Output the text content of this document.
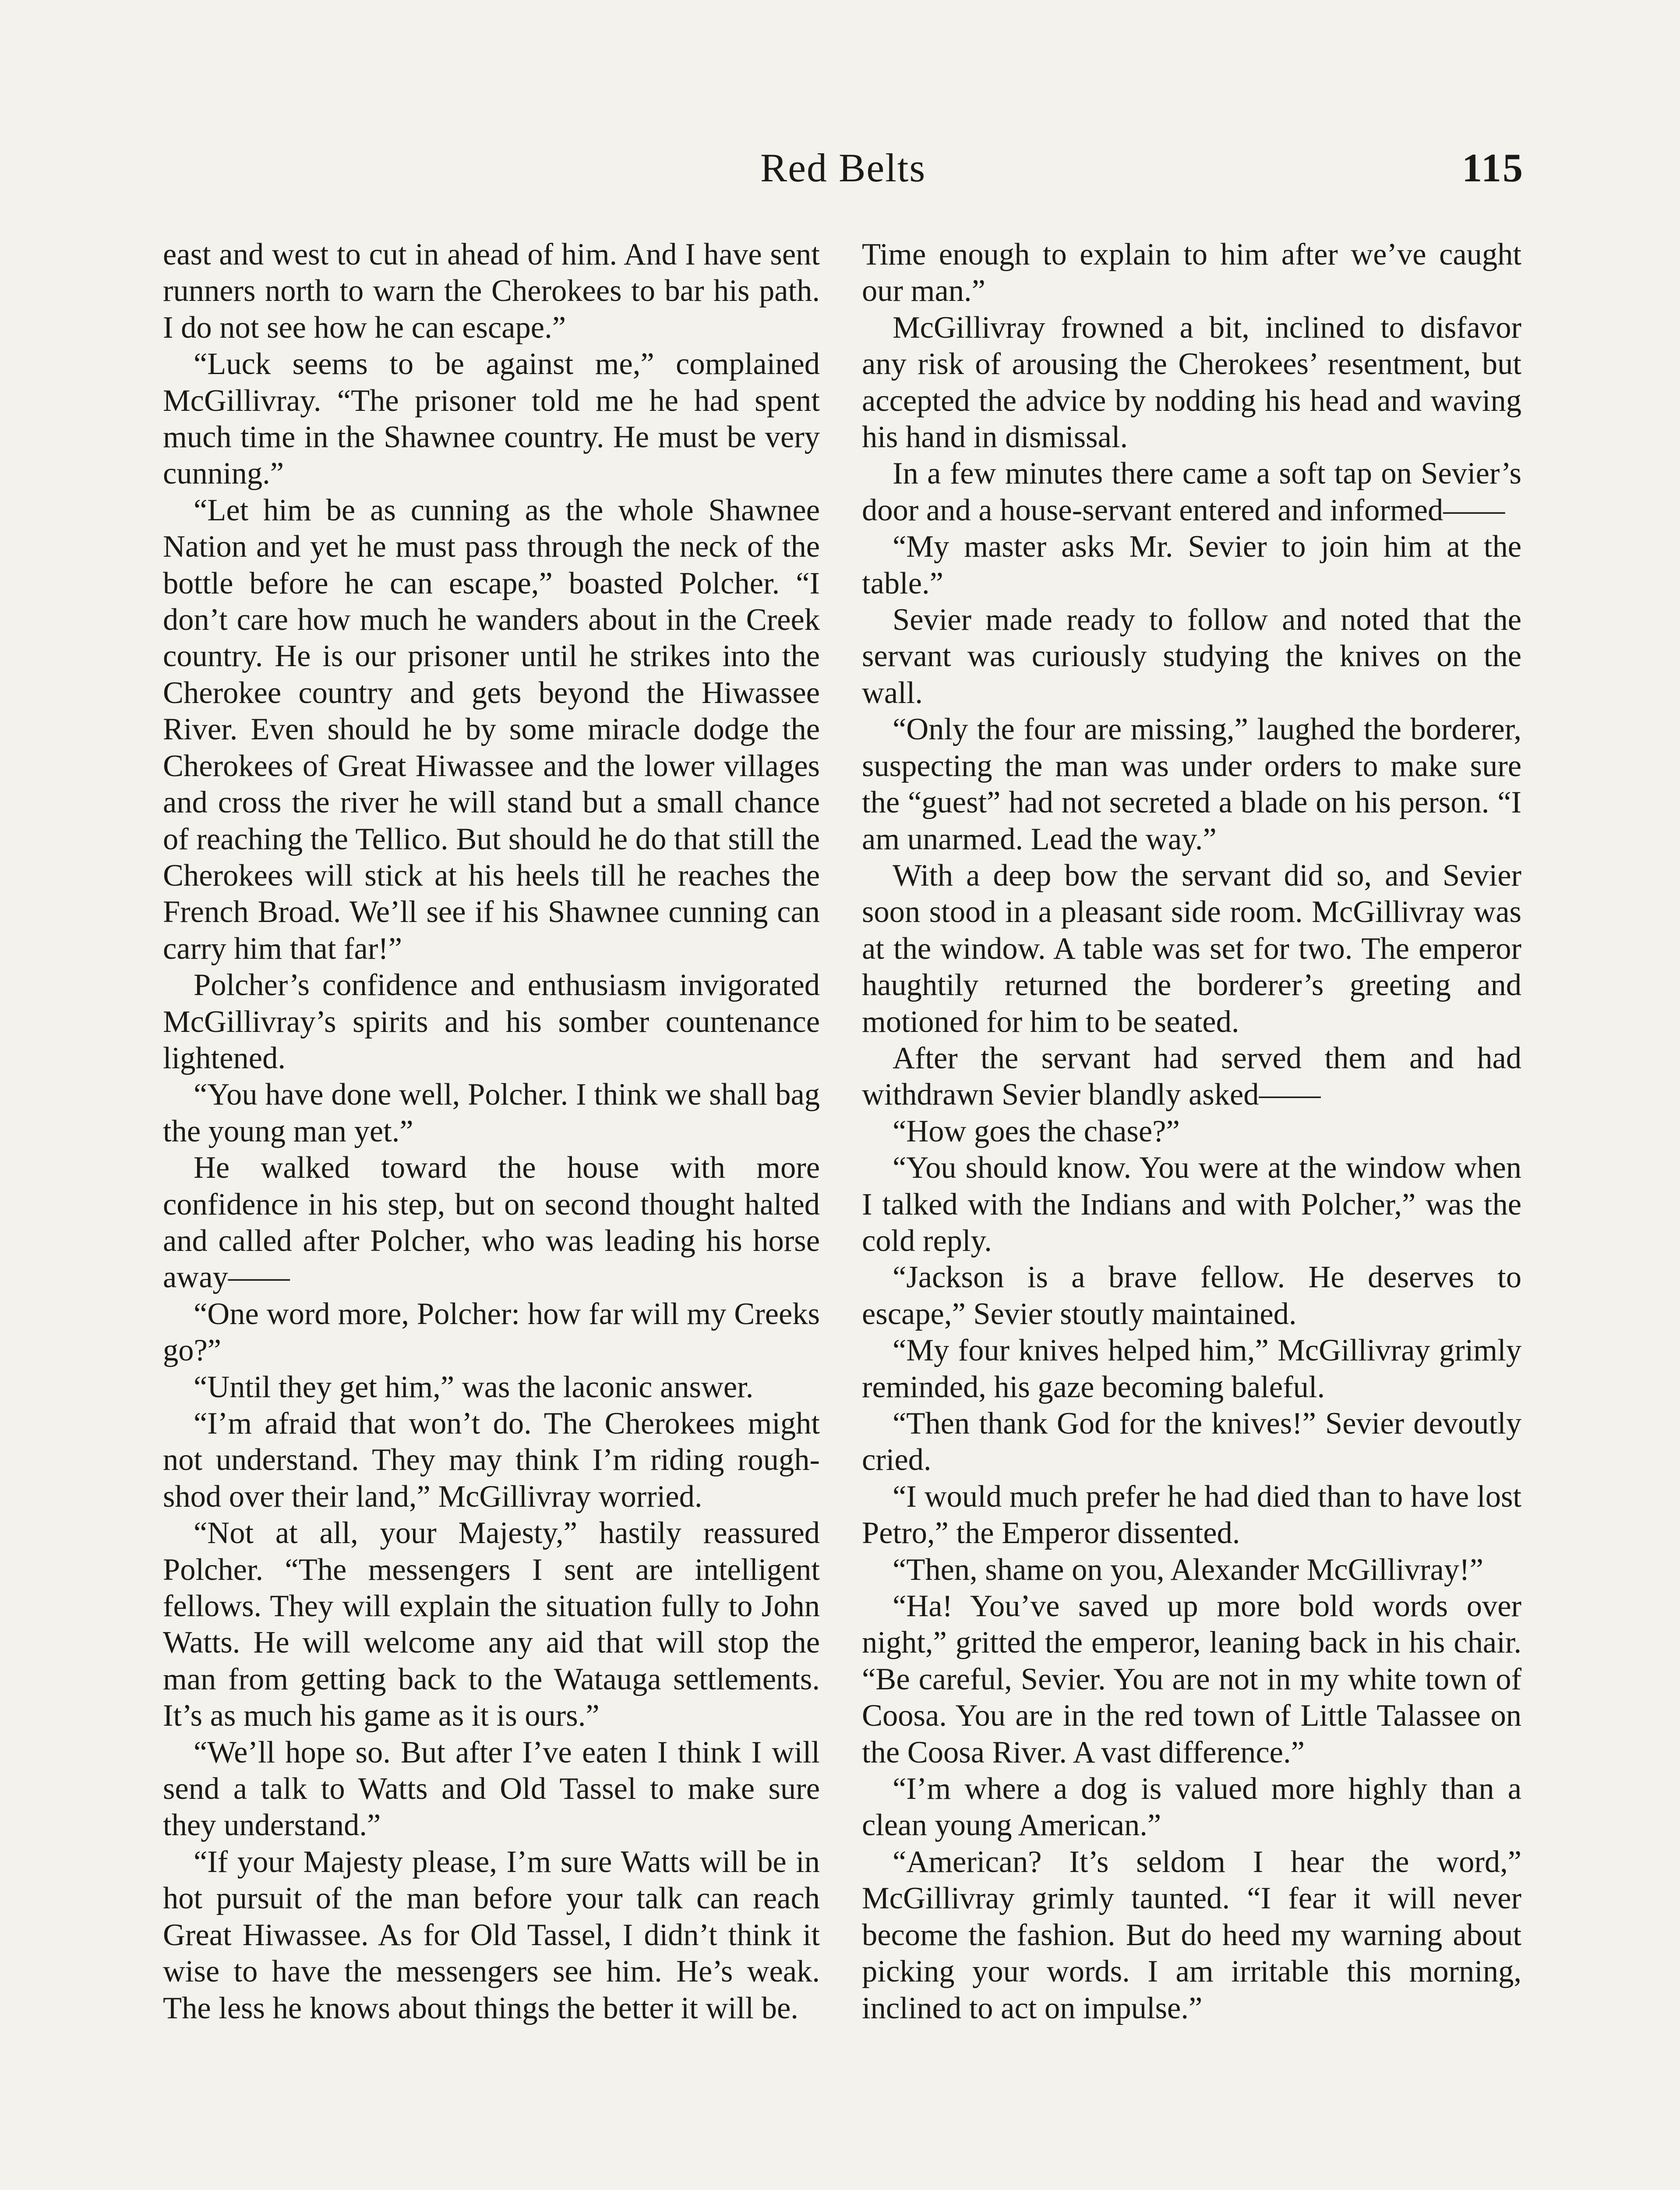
Red Belts	115

east and west to cut in ahead of him. And I have sent runners north to warn the Cherokees to bar his path. I do not see how he can escape.”

“Luck seems to be against me,” complained McGillivray. “The prisoner told me he had spent much time in the Shawnee country. He must be very cunning.”

“Let him be as cunning as the whole Shawnee Nation and yet he must pass through the neck of the bottle before he can escape,” boasted Polcher. “I don’t care how much he wanders about in the Creek country. He is our prisoner until he strikes into the Cherokee country and gets beyond the Hiwassee River. Even should he by some miracle dodge the Cherokees of Great Hiwassee and the lower villages and cross the river he will stand but a small chance of reaching the Tellico. But should he do that still the Cherokees will stick at his heels till he reaches the French Broad. We’ll see if his Shawnee cunning can carry him that far!”

Polcher’s confidence and enthusiasm invigorated McGillivray’s spirits and his somber countenance lightened.

“You have done well, Polcher. I think we shall bag the young man yet.”

He walked toward the house with more confidence in his step, but on second thought halted and called after Polcher, who was leading his horse away——

“One word more, Polcher: how far will my Creeks go?”

“Until they get him,” was the laconic answer.

“I’m afraid that won’t do. The Cherokees might not understand. They may think I’m riding rough-shod over their land,” McGillivray worried.

“Not at all, your Majesty,” hastily reassured Polcher. “The messengers I sent are intelligent fellows. They will explain the situation fully to John Watts. He will welcome any aid that will stop the man from getting back to the Watauga settlements. It’s as much his game as it is ours.”

“We’ll hope so. But after I’ve eaten I think I will send a talk to Watts and Old Tassel to make sure they understand.”

“If your Majesty please, I’m sure Watts will be in hot pursuit of the man before your talk can reach Great Hiwassee. As for Old Tassel, I didn’t think it wise to have the messengers see him. He’s weak. The less he knows about things the better it will be.

Time enough to explain to him after we’ve caught our man.”

McGillivray frowned a bit, inclined to disfavor any risk of arousing the Cherokees’ resentment, but accepted the advice by nodding his head and waving his hand in dismissal.

In a few minutes there came a soft tap on Sevier’s door and a house-servant entered and informed——

“My master asks Mr. Sevier to join him at the table.”

Sevier made ready to follow and noted that the servant was curiously studying the knives on the wall.

“Only the four are missing,” laughed the borderer, suspecting the man was under orders to make sure the “guest” had not secreted a blade on his person. “I am unarmed. Lead the way.”

With a deep bow the servant did so, and Sevier soon stood in a pleasant side room. McGillivray was at the window. A table was set for two. The emperor haughtily returned the borderer’s greeting and motioned for him to be seated.

After the servant had served them and had withdrawn Sevier blandly asked——

“How goes the chase?”

“You should know. You were at the window when I talked with the Indians and with Polcher,” was the cold reply.

“Jackson is a brave fellow. He deserves to escape,” Sevier stoutly maintained.

“My four knives helped him,” McGillivray grimly reminded, his gaze becoming baleful.

“Then thank God for the knives!” Sevier devoutly cried.

“I would much prefer he had died than to have lost Petro,” the Emperor dissented.

“Then, shame on you, Alexander McGillivray!”

“Ha! You’ve saved up more bold words over night,” gritted the emperor, leaning back in his chair. “Be careful, Sevier. You are not in my white town of Coosa. You are in the red town of Little Talassee on the Coosa River. A vast difference.”

“I’m where a dog is valued more highly than a clean young American.”

“American? It’s seldom I hear the word,” McGillivray grimly taunted. “I fear it will never become the fashion. But do heed my warning about picking your words. I am irritable this morning, inclined to act on impulse.”
